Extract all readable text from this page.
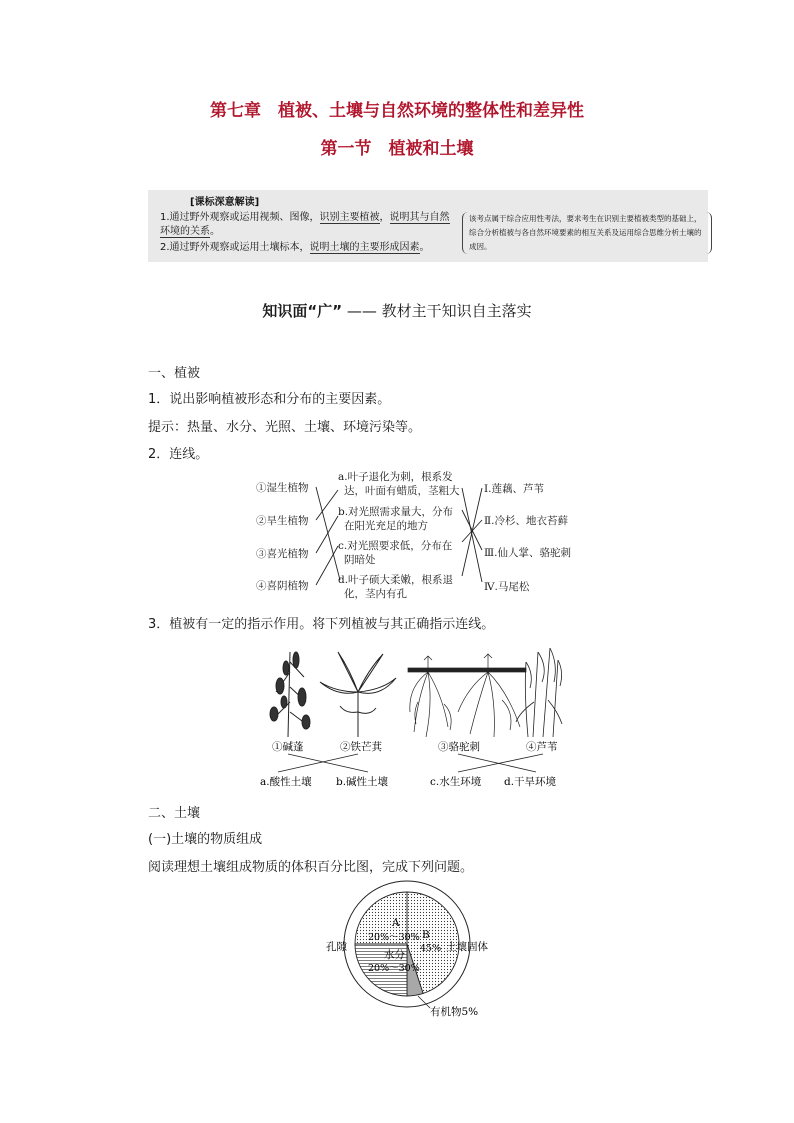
第七章　植被、土壤与自然环境的整体性和差异性
第一节　植被和土壤
[课标深意解读]

1.通过野外观察或运用视频、图像，识别主要植被，说明其与自然环境的关系。

2.通过野外观察或运用土壤标本，说明土壤的主要形成因素。

该考点属于综合应用性考法，要求考生在识别主要植被类型的基础上，综合分析植被与各自然环境要素的相互关系及运用综合思维分析土壤的成因。
知识面“广” —— 教材主干知识自主落实
一、植被
1．说出影响植被形态和分布的主要因素。
提示：热量、水分、光照、土壤、环境污染等。
2．连线。
①湿生植物
②旱生植物
③喜光植物
④喜阴植物
a.叶子退化为刺，根系发
达，叶面有蜡质，茎粗大
b.对光照需求量大，分布
在阳光充足的地方
c.对光照要求低，分布在
阴暗处
d.叶子硕大柔嫩，根系退
化，茎内有孔
Ⅰ.莲藕、芦苇
Ⅱ.冷杉、地衣苔藓
Ⅲ.仙人掌、骆驼刺
Ⅳ.马尾松
3．植被有一定的指示作用。将下列植被与其正确指示连线。
①碱蓬	②铁芒萁	③骆驼刺	④芦苇
a.酸性土壤 b.碱性土壤	c.水生环境 d.干旱环境
二、土壤
(一)土壤的物质组成
阅读理想土壤组成物质的体积百分比图，完成下列问题。
A
20%～30%
水分
20%～30%
B
45%
孔隙	土壤固体
有机物5%
